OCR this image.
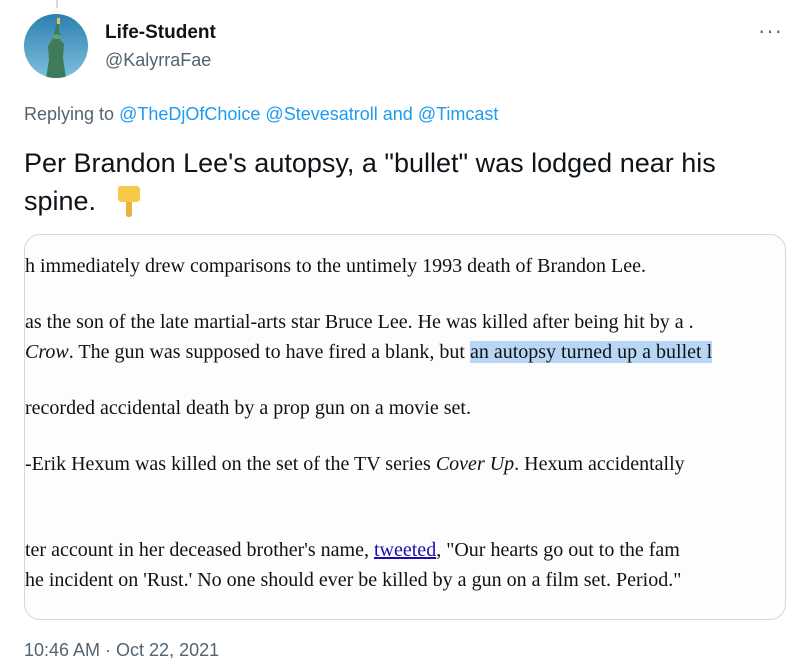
Life-Student
@KalyrraFae
···
Replying to @TheDjOfChoice @Stevesatroll and @Timcast
Per Brandon Lee's autopsy, a "bullet" was lodged near his spine.
h immediately drew comparisons to the untimely 1993 death of Brandon Lee.
as the son of the late martial-arts star Bruce Lee. He was killed after being hit by a .
Crow. The gun was supposed to have fired a blank, but an autopsy turned up a bullet l
recorded accidental death by a prop gun on a movie set.
-Erik Hexum was killed on the set of the TV series Cover Up. Hexum accidentally
ter account in her deceased brother's name, tweeted, "Our hearts go out to the fam
he incident on 'Rust.' No one should ever be killed by a gun on a film set. Period."
10:46 AM · Oct 22, 2021
